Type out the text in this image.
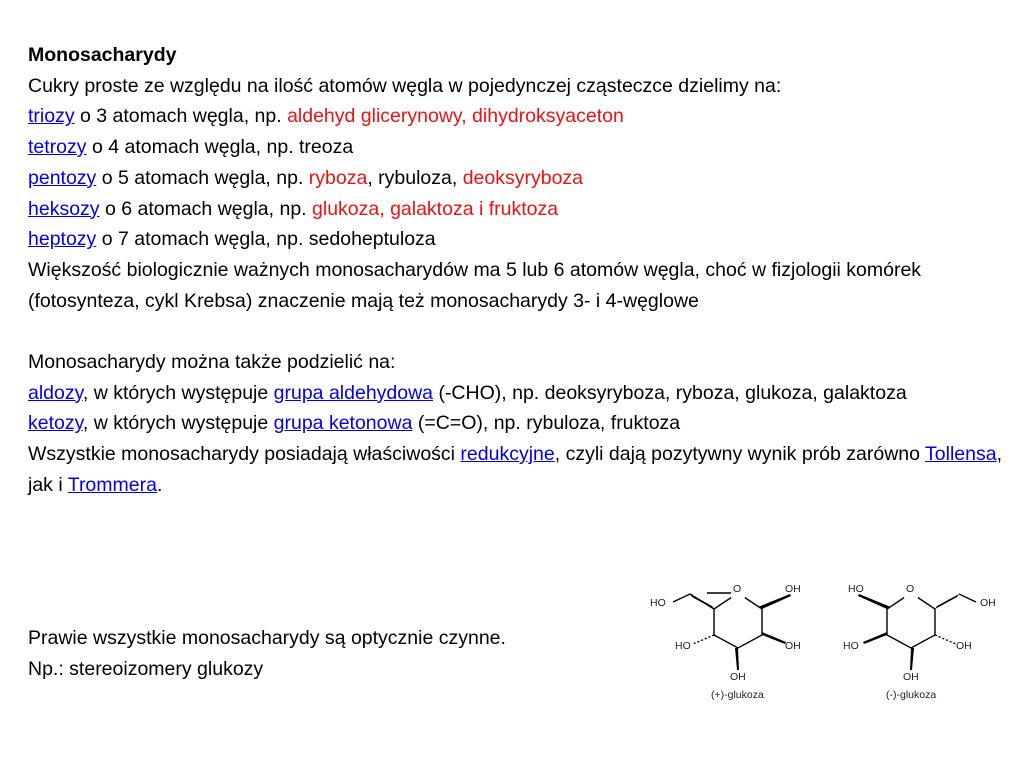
Monosacharydy
Cukry proste ze względu na ilość atomów węgla w pojedynczej cząsteczce dzielimy na:
triozy o 3 atomach węgla, np. aldehyd glicerynowy, dihydroksyaceton
tetrozy o 4 atomach węgla, np. treoza
pentozy o 5 atomach węgla, np. ryboza, rybuloza, deoksyryboza
heksozy o 6 atomach węgla, np. glukoza, galaktoza i fruktoza
heptozy o 7 atomach węgla, np. sedoheptuloza
Większość biologicznie ważnych monosacharydów ma 5 lub 6 atomów węgla, choć w fizjologii komórek (fotosynteza, cykl Krebsa) znaczenie mają też monosacharydy 3- i 4-węglowe
Monosacharydy można także podzielić na:
aldozy, w których występuje grupa aldehydowa (-CHO), np. deoksyryboza, ryboza, glukoza, galaktoza
ketozy, w których występuje grupa ketonowa (=C=O), np. rybuloza, fruktoza
Wszystkie monosacharydy posiadają właściwości redukcyjne, czyli dają pozytywny wynik prób zarówno Tollensa, jak i Trommera.
Prawie wszystkie monosacharydy są optycznie czynne.
Np.: stereoizomery glukozy
O
HO
OH
HO	OH
OH
(+)-glukoza
O
HO
OH
HO	OH
OH
(-)-glukoza
